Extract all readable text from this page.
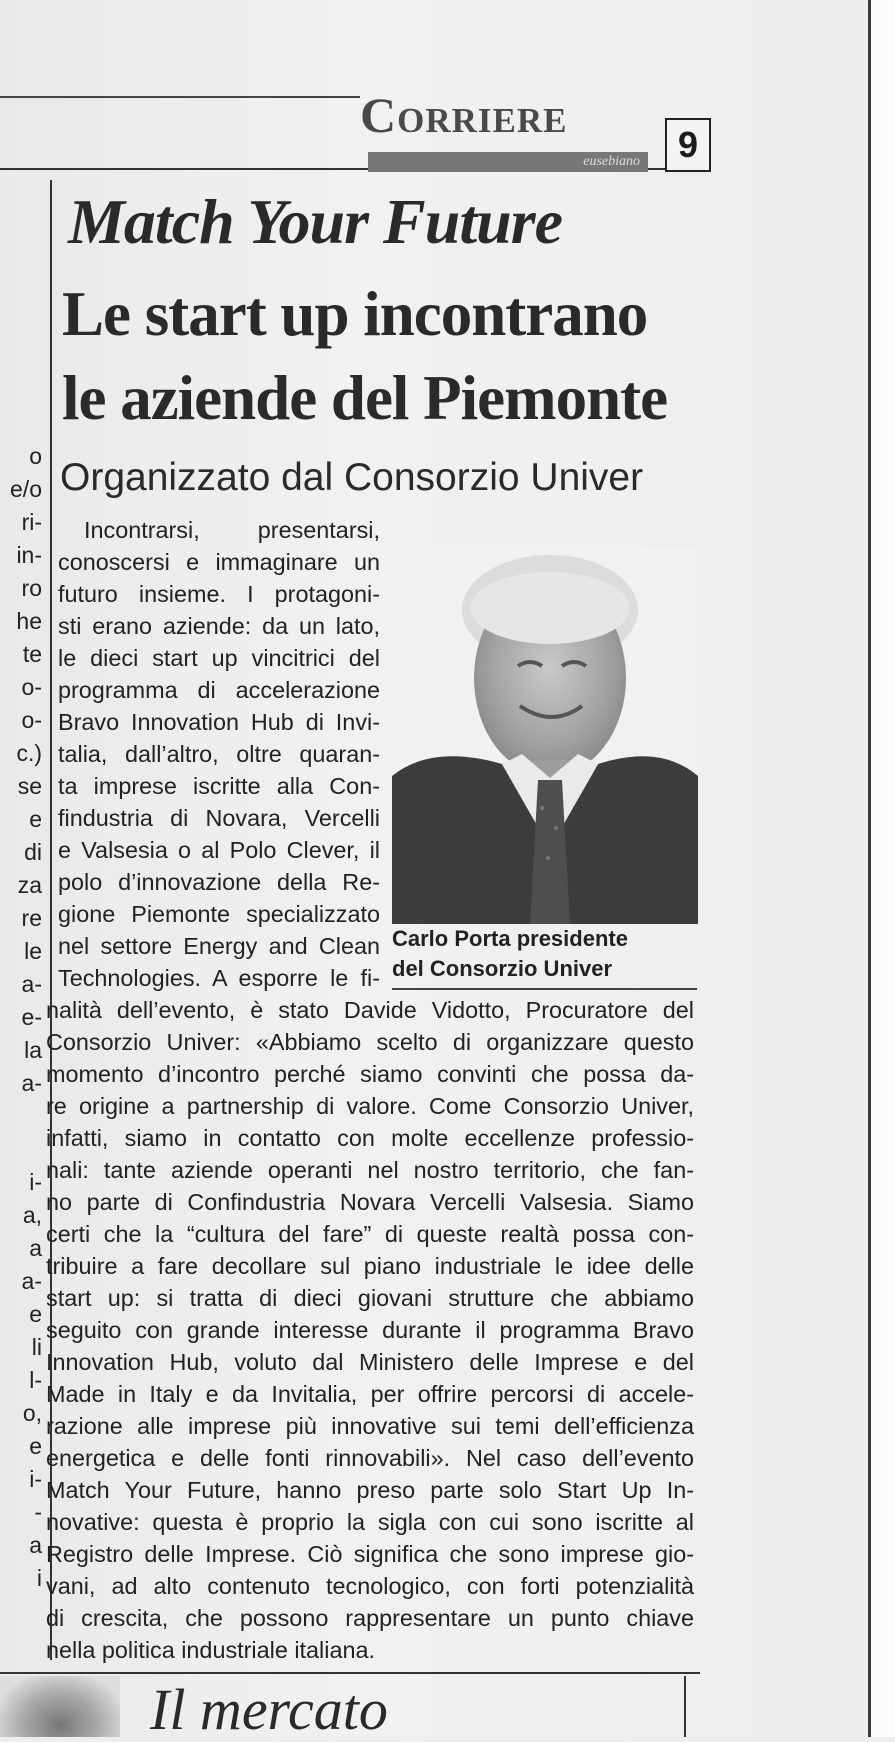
Corriere
eusebiano	9
o
e/o
ri-
in-
ro
he
te
o-
o-
c.)
se
e
di
za
re
le
a-
e-
la
a-
i-
a,
a
a-
e
li
l-
o,
e
i-
-
a
i
Match Your Future
Le start up incontrano
le aziende del Piemonte
Organizzato dal Consorzio Univer
Incontrarsi, presentarsi,
conoscersi e immaginare un
futuro insieme. I protagoni-
sti erano aziende: da un lato,
le dieci start up vincitrici del
programma di accelerazione
Bravo Innovation Hub di Invi-
talia, dall’altro, oltre quaran-
ta imprese iscritte alla Con-
findustria di Novara, Vercelli
e Valsesia o al Polo Clever, il
polo d’innovazione della Re-
gione Piemonte specializzato
nel settore Energy and Clean
Technologies. A esporre le fi-
Carlo Porta presidente
del Consorzio Univer
nalità dell’evento, è stato Davide Vidotto, Procuratore del
Consorzio Univer: «Abbiamo scelto di organizzare questo
momento d’incontro perché siamo convinti che possa da-
re origine a partnership di valore. Come Consorzio Univer,
infatti, siamo in contatto con molte eccellenze professio-
nali: tante aziende operanti nel nostro territorio, che fan-
no parte di Confindustria Novara Vercelli Valsesia. Siamo
certi che la “cultura del fare” di queste realtà possa con-
tribuire a fare decollare sul piano industriale le idee delle
start up: si tratta di dieci giovani strutture che abbiamo
seguito con grande interesse durante il programma Bravo
Innovation Hub, voluto dal Ministero delle Imprese e del
Made in Italy e da Invitalia, per offrire percorsi di accele-
razione alle imprese più innovative sui temi dell’efficienza
energetica e delle fonti rinnovabili». Nel caso dell’evento
Match Your Future, hanno preso parte solo Start Up In-
novative: questa è proprio la sigla con cui sono iscritte al
Registro delle Imprese. Ciò significa che sono imprese gio-
vani, ad alto contenuto tecnologico, con forti potenzialità
di crescita, che possono rappresentare un punto chiave
nella politica industriale italiana.
Il mercato
